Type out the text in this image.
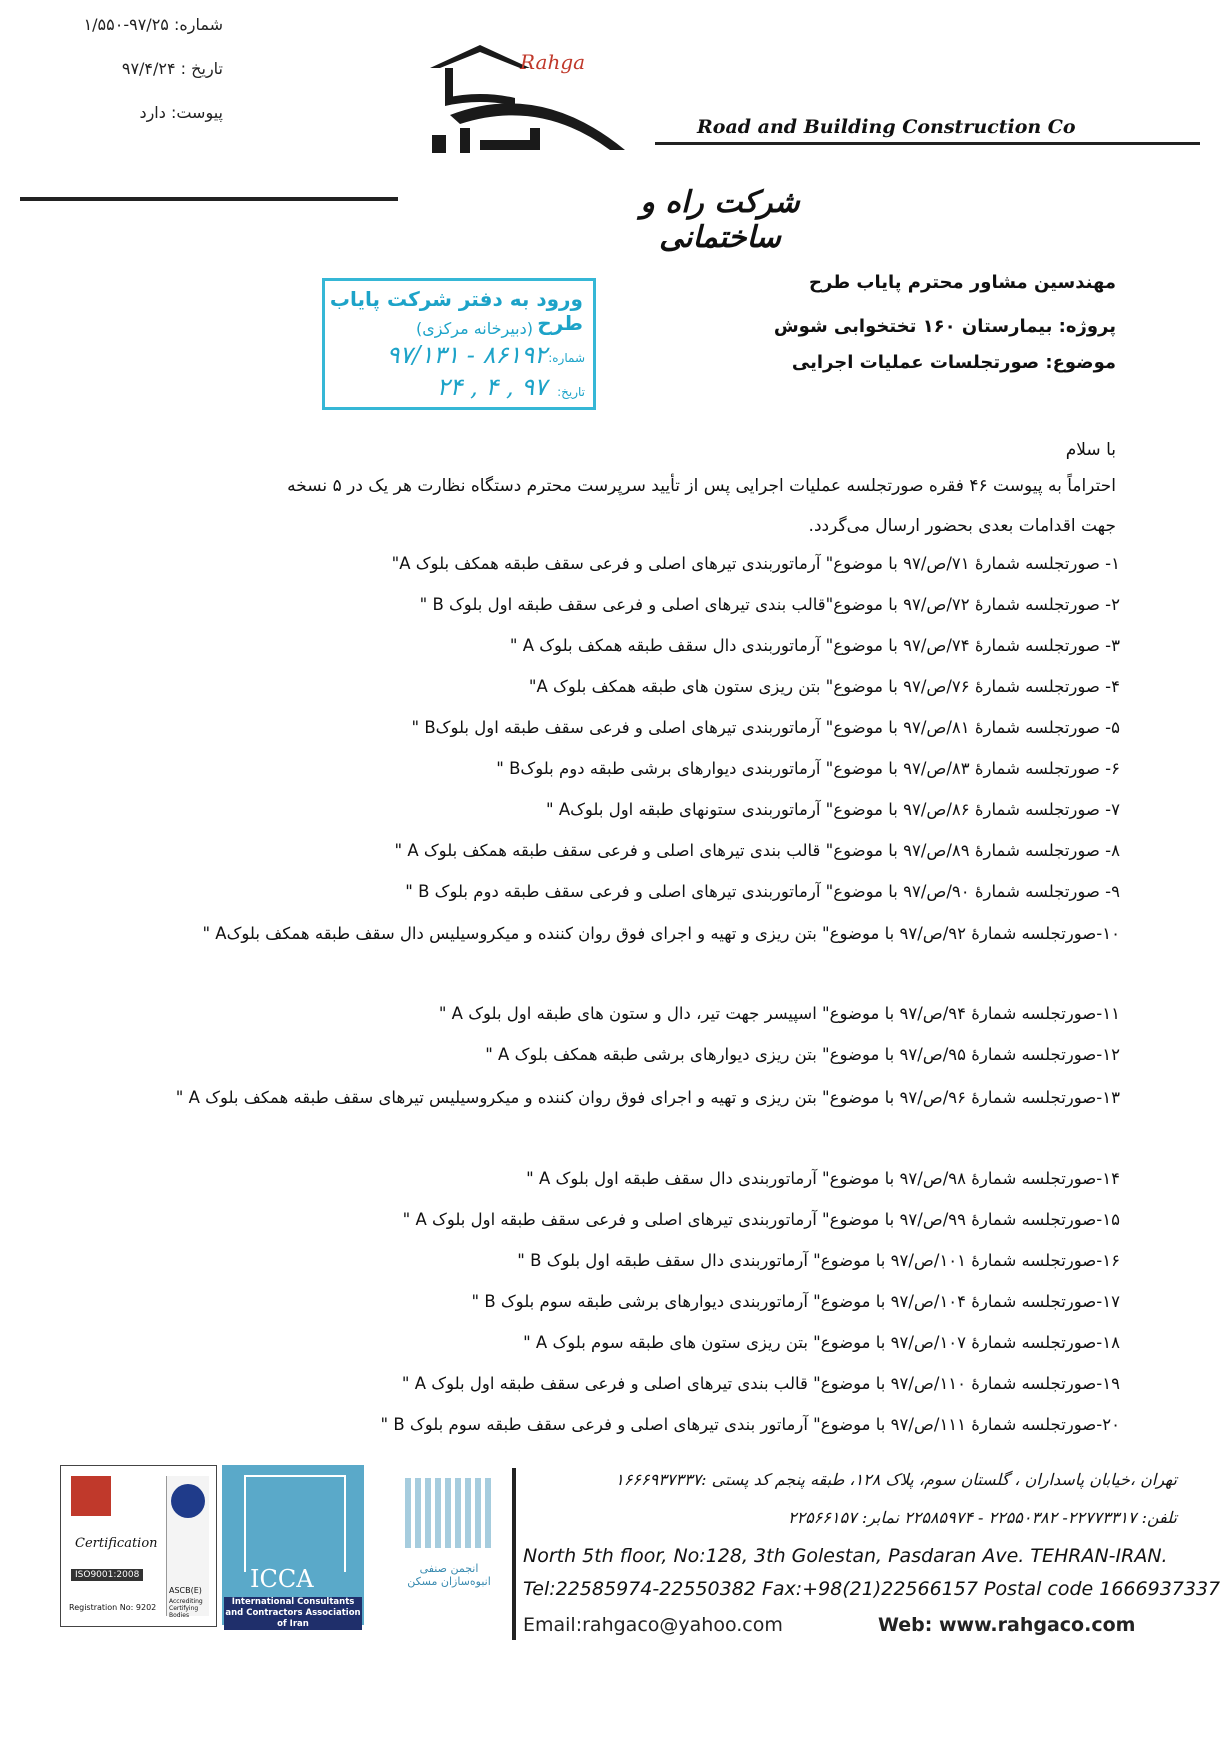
شماره: ۹۷/۲۵-۱/۵۵۰
تاریخ : ۹۷/۴/۲۴
پیوست: دارد
Rahga
Road and Building Construction Co
شرکت راه و ساختمانی
ورود به دفتر شرکت پایاب طرح
(دبیرخانه مرکزی)
شماره:
۸۶۱۹۲ - ۹۷/۱۳۱
تاریخ:
۹۷ , ۴ , ۲۴
مهندسین مشاور محترم پایاب طرح
پروژه: بیمارستان ۱۶۰ تختخوابی شوش
موضوع: صورتجلسات عملیات اجرایی
با سلام
احتراماً به پیوست ۴۶ فقره صورتجلسه عملیات اجرایی پس از تأیید سرپرست محترم دستگاه نظارت هر یک در ۵ نسخه
جهت اقدامات بعدی بحضور ارسال می‌گردد.
۱- صورتجلسه شمارهٔ ۷۱/ص/۹۷ با موضوع" آرماتوربندی تیرهای اصلی و فرعی سقف طبقه همکف بلوک A"
۲- صورتجلسه شمارهٔ ۷۲/ص/۹۷ با موضوع"قالب بندی تیرهای اصلی و فرعی سقف طبقه اول بلوک B "
۳- صورتجلسه شمارهٔ ۷۴/ص/۹۷ با موضوع" آرماتوربندی دال سقف طبقه همکف بلوک A "
۴- صورتجلسه شمارهٔ ۷۶/ص/۹۷ با موضوع" بتن ریزی ستون های طبقه همکف بلوک A"
۵- صورتجلسه شمارهٔ ۸۱/ص/۹۷ با موضوع" آرماتوربندی تیرهای اصلی و فرعی سقف طبقه اول بلوکB "
۶- صورتجلسه شمارهٔ ۸۳/ص/۹۷ با موضوع" آرماتوربندی دیوارهای برشی طبقه دوم بلوکB "
۷- صورتجلسه شمارهٔ ۸۶/ص/۹۷ با موضوع" آرماتوربندی ستونهای طبقه اول بلوکA "
۸- صورتجلسه شمارهٔ ۸۹/ص/۹۷ با موضوع" قالب بندی تیرهای اصلی و فرعی سقف طبقه همکف بلوک A "
۹- صورتجلسه شمارهٔ ۹۰/ص/۹۷ با موضوع" آرماتوربندی تیرهای اصلی و فرعی سقف طبقه دوم بلوک B "
۱۰-صورتجلسه شمارهٔ ۹۲/ص/۹۷ با موضوع" بتن ریزی و تهیه و اجرای فوق روان کننده و میکروسیلیس دال سقف طبقه همکف بلوکA "
۱۱-صورتجلسه شمارهٔ ۹۴/ص/۹۷ با موضوع" اسپیسر جهت تیر، دال و ستون های طبقه اول بلوک A "
۱۲-صورتجلسه شمارهٔ ۹۵/ص/۹۷ با موضوع" بتن ریزی دیوارهای برشی طبقه همکف بلوک A "
۱۳-صورتجلسه شمارهٔ ۹۶/ص/۹۷ با موضوع" بتن ریزی و تهیه و اجرای فوق روان کننده و میکروسیلیس تیرهای سقف طبقه همکف بلوک A "
۱۴-صورتجلسه شمارهٔ ۹۸/ص/۹۷ با موضوع" آرماتوربندی دال سقف طبقه اول بلوک A "
۱۵-صورتجلسه شمارهٔ ۹۹/ص/۹۷ با موضوع" آرماتوربندی تیرهای اصلی و فرعی سقف طبقه اول بلوک A "
۱۶-صورتجلسه شمارهٔ ۱۰۱/ص/۹۷ با موضوع" آرماتوربندی دال سقف طبقه اول بلوک B "
۱۷-صورتجلسه شمارهٔ ۱۰۴/ص/۹۷ با موضوع" آرماتوربندی دیوارهای برشی طبقه سوم بلوک B "
۱۸-صورتجلسه شمارهٔ ۱۰۷/ص/۹۷ با موضوع" بتن ریزی ستون های طبقه سوم بلوک A "
۱۹-صورتجلسه شمارهٔ ۱۱۰/ص/۹۷ با موضوع" قالب بندی تیرهای اصلی و فرعی سقف طبقه اول بلوک A "
۲۰-صورتجلسه شمارهٔ ۱۱۱/ص/۹۷ با موضوع" آرماتور بندی تیرهای اصلی و فرعی سقف طبقه سوم بلوک B "
Certification
ISO9001:2008
Registration No: 9202
ASCB(E)
Accrediting Certifying Bodies
ICCA
International Consultants and Contractors Association of Iran
انجمن صنفی انبوه‌سازان مسکن
تهران ،خیابان پاسداران ، گلستان سوم، پلاک ۱۲۸، طبقه پنجم کد پستی :۱۶۶۶۹۳۷۳۳۷
تلفن: ۲۲۷۷۳۳۱۷- ۲۲۵۵۰۳۸۲ - ۲۲۵۸۵۹۷۴ نمابر: ۲۲۵۶۶۱۵۷
North 5th floor, No:128, 3th Golestan, Pasdaran Ave. TEHRAN-IRAN.
Tel:22585974-22550382 Fax:+98(21)22566157 Postal code 1666937337
Email:rahgaco@yahoo.com	Web: www.rahgaco.com
